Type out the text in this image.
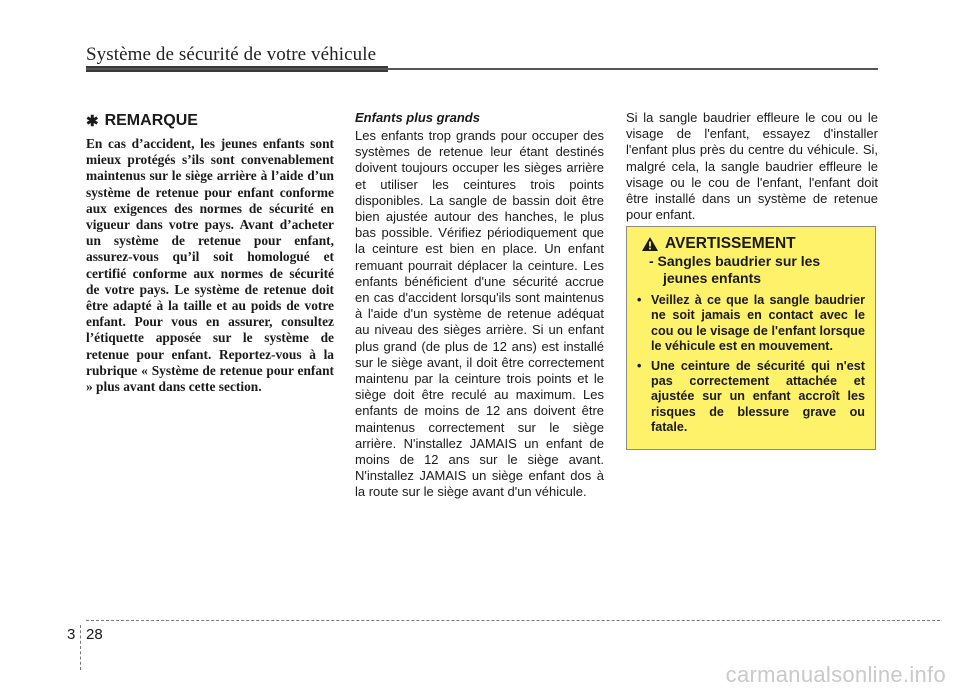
Système de sécurité de votre véhicule
✱ REMARQUE

En cas d’accident, les jeunes enfants sont mieux protégés s’ils sont convenablement maintenus sur le siège arrière à l’aide d’un système de retenue pour enfant conforme aux exigences des normes de sécurité en vigueur dans votre pays. Avant d’acheter un système de retenue pour enfant, assurez-vous qu’il soit homologué et certifié conforme aux normes de sécurité de votre pays. Le système de retenue doit être adapté à la taille et au poids de votre enfant. Pour vous en assurer, consultez l’étiquette apposée sur le système de retenue pour enfant. Reportez-vous à la rubrique « Système de retenue pour enfant » plus avant dans cette section.

Enfants plus grands

Les enfants trop grands pour occuper des systèmes de retenue leur étant destinés doivent toujours occuper les sièges arrière et utiliser les ceintures trois points disponibles. La sangle de bassin doit être bien ajustée autour des hanches, le plus bas possible. Vérifiez périodiquement que la ceinture est bien en place. Un enfant remuant pourrait déplacer la ceinture. Les enfants bénéficient d'une sécurité accrue en cas d'accident lorsqu'ils sont maintenus à l'aide d'un système de retenue adéquat au niveau des sièges arrière. Si un enfant plus grand (de plus de 12 ans) est installé sur le siège avant, il doit être correctement maintenu par la ceinture trois points et le siège doit être reculé au maximum. Les enfants de moins de 12 ans doivent être maintenus correctement sur le siège arrière. N'installez JAMAIS un enfant de moins de 12 ans sur le siège avant. N'installez JAMAIS un siège enfant dos à la route sur le siège avant d'un véhicule.

Si la sangle baudrier effleure le cou ou le visage de l'enfant, essayez d'installer l'enfant plus près du centre du véhicule. Si, malgré cela, la sangle baudrier effleure le visage ou le cou de l'enfant, l'enfant doit être installé dans un système de retenue pour enfant.

AVERTISSEMENT
- Sangles baudrier sur les jeunes enfants
• Veillez à ce que la sangle baudrier ne soit jamais en contact avec le cou ou le visage de l'enfant lorsque le véhicule est en mouvement.
• Une ceinture de sécurité qui n'est pas correctement attachée et ajustée sur un enfant accroît les risques de blessure grave ou fatale.
3 28
carmanualsonline.info
